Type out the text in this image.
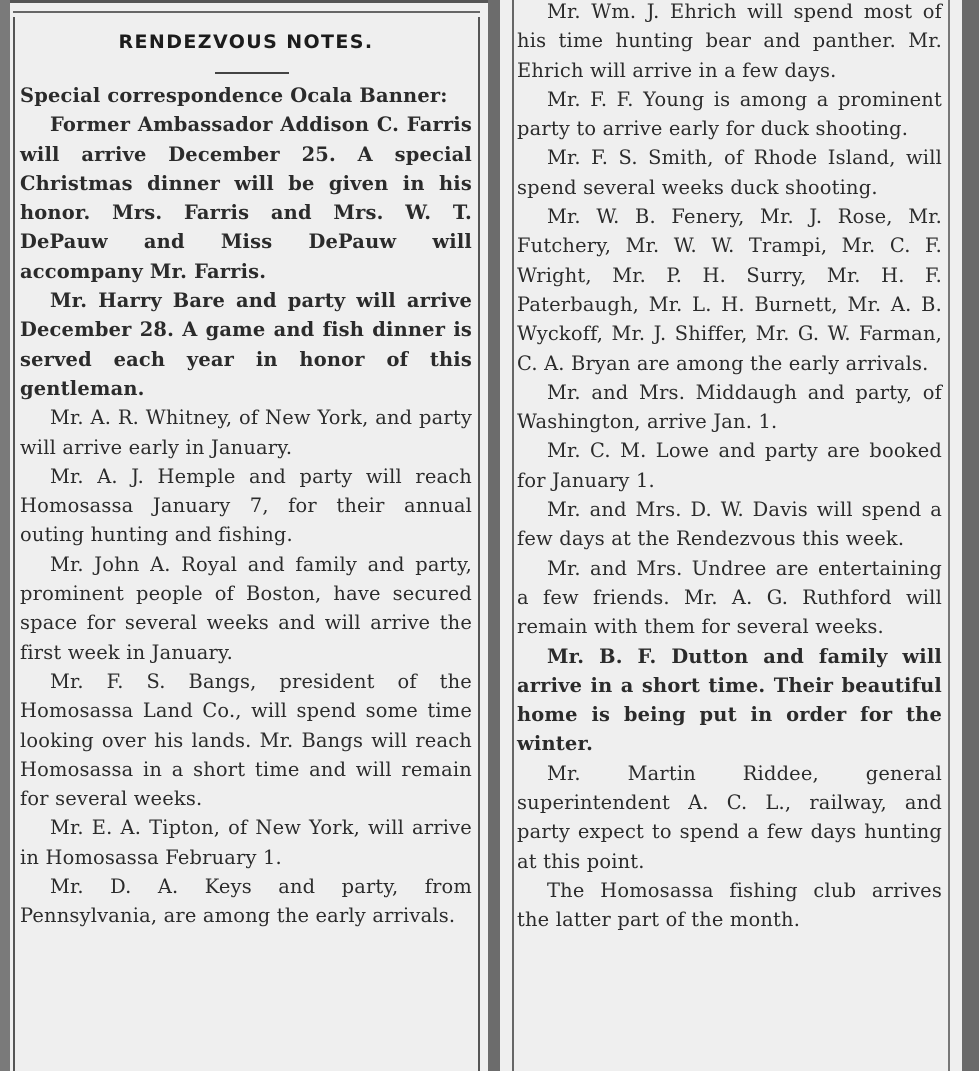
RENDEZVOUS NOTES.

Special correspondence Ocala Banner:

Former Ambassador Addison C. Farris will arrive December 25. A special Christmas dinner will be given in his honor. Mrs. Farris and Mrs. W. T. DePauw and Miss DePauw will accompany Mr. Farris.

Mr. Harry Bare and party will arrive December 28. A game and fish dinner is served each year in honor of this gentleman.

Mr. A. R. Whitney, of New York, and party will arrive early in January.

Mr. A. J. Hemple and party will reach Homosassa January 7, for their annual outing hunting and fishing.

Mr. John A. Royal and family and party, prominent people of Boston, have secured space for several weeks and will arrive the first week in January.

Mr. F. S. Bangs, president of the Homosassa Land Co., will spend some time looking over his lands. Mr. Bangs will reach Homosassa in a short time and will remain for several weeks.

Mr. E. A. Tipton, of New York, will arrive in Homosassa February 1.

Mr. D. A. Keys and party, from Pennsylvania, are among the early arrivals.

Mr. Wm. J. Ehrich will spend most of his time hunting bear and panther. Mr. Ehrich will arrive in a few days.

Mr. F. F. Young is among a prominent party to arrive early for duck shooting.

Mr. F. S. Smith, of Rhode Island, will spend several weeks duck shooting.

Mr. W. B. Fenery, Mr. J. Rose, Mr. Futchery, Mr. W. W. Trampi, Mr. C. F. Wright, Mr. P. H. Surry, Mr. H. F. Paterbaugh, Mr. L. H. Burnett, Mr. A. B. Wyckoff, Mr. J. Shiffer, Mr. G. W. Farman, C. A. Bryan are among the early arrivals.

Mr. and Mrs. Middaugh and party, of Washington, arrive Jan. 1.

Mr. C. M. Lowe and party are booked for January 1.

Mr. and Mrs. D. W. Davis will spend a few days at the Rendezvous this week.

Mr. and Mrs. Undree are entertaining a few friends. Mr. A. G. Ruthford will remain with them for several weeks.

Mr. B. F. Dutton and family will arrive in a short time. Their beautiful home is being put in order for the winter.

Mr. Martin Riddee, general superintendent A. C. L., railway, and party expect to spend a few days hunting at this point.

The Homosassa fishing club arrives the latter part of the month.
